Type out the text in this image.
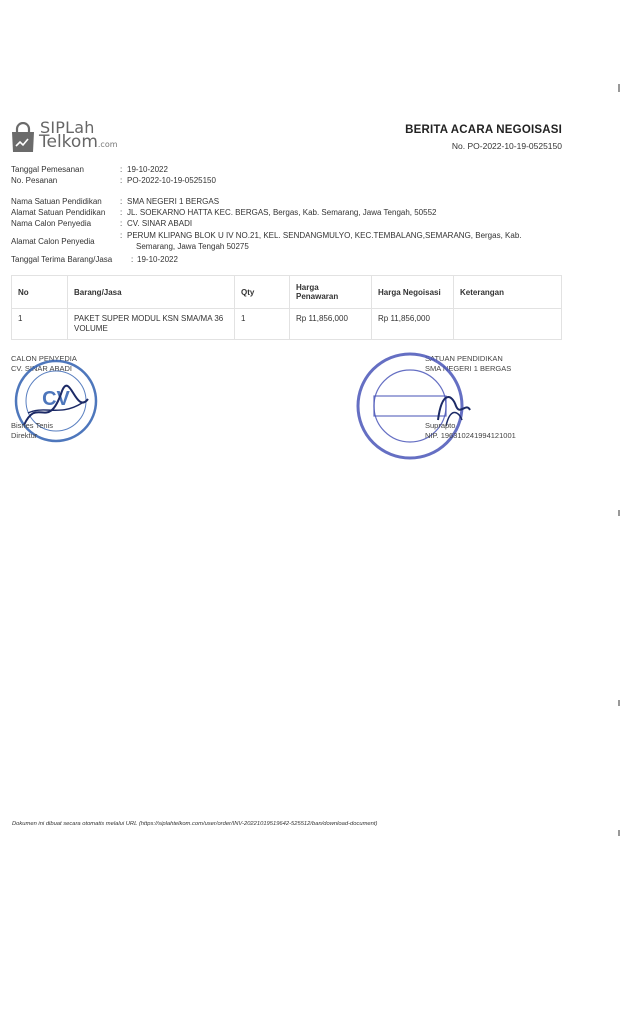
SIPLah
Telkom.com
BERITA ACARA NEGOISASI
No. PO-2022-10-19-0525150
Tanggal Pemesanan	: 19-10-2022
No. Pesanan	: PO-2022-10-19-0525150
Nama Satuan Pendidikan : SMA NEGERI 1 BERGAS
Alamat Satuan Pendidikan : JL. SOEKARNO HATTA KEC. BERGAS, Bergas, Kab. Semarang, Jawa Tengah, 50552
Nama Calon Penyedia	: CV. SINAR ABADI
Alamat Calon Penyedia
: PERUM KLIPANG BLOK U IV NO.21, KEL. SENDANGMULYO, KEC.TEMBALANG,SEMARANG, Bergas, Kab.
Semarang, Jawa Tengah 50275
Tanggal Terima Barang/Jasa : 19-10-2022
No	Barang/Jasa	Qty	Harga
Penawaran	Harga Negoisasi	Keterangan
1	PAKET SUPER MODUL KSN SMA/MA 36
VOLUME	1	Rp 11,856,000	Rp 11,856,000	
CALON PENYEDIA
CV. SINAR ABADI
CV
Bisnes Tenis
Direktur
SATUAN PENDIDIKAN
SMA NEGERI 1 BERGAS
Suprapto
NIP. 196310241994121001
Dokumen ini dibuat secara otomatis melalui URL (https://siplahtelkom.com/user/order/INV-20221019519642-525512/ban/download-document)
